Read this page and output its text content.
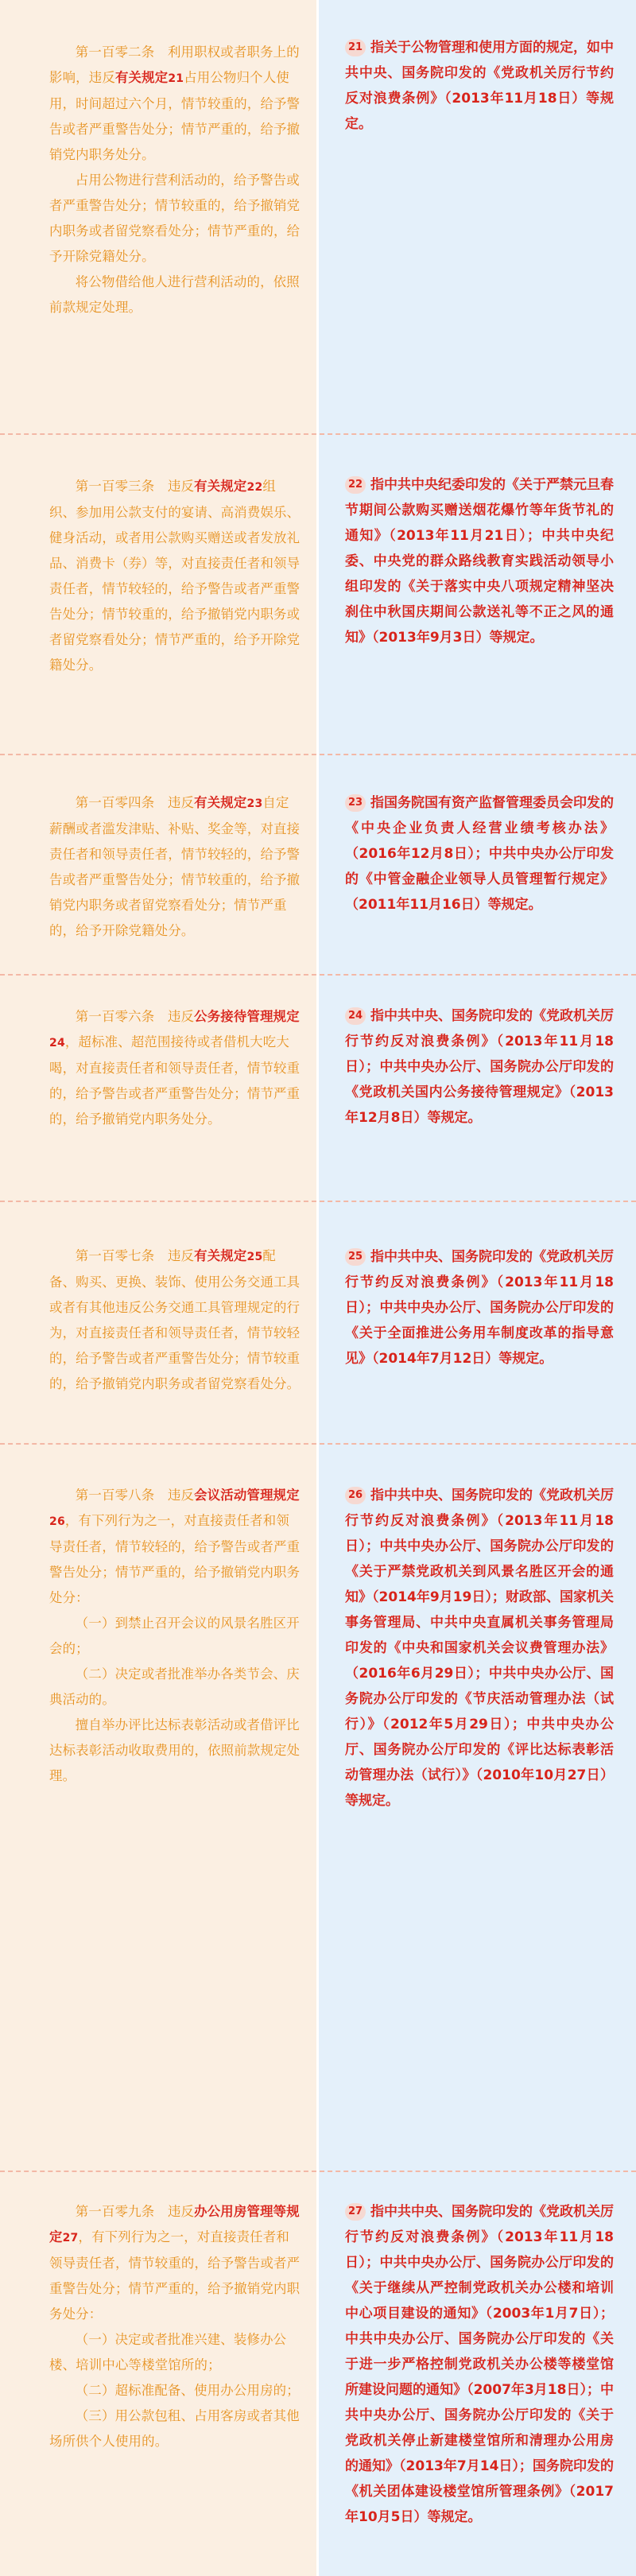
第一百零二条　 利用职权或者职务上的影响，违反有关规定21占用公物归个人使用，时间超过六个月，情节较重的，给予警告或者严重警告处分；情节严重的，给予撤销党内职务处分。

占用公物进行营利活动的，给予警告或者严重警告处分；情节较重的，给予撤销党内职务或者留党察看处分；情节严重的，给予开除党籍处分。

将公物借给他人进行营利活动的，依照前款规定处理。

21 指关于公物管理和使用方面的规定，如中共中央、国务院印发的《党政机关厉行节约反对浪费条例》（2013年11月18日）等规定。

第一百零三条　 违反有关规定22组织、参加用公款支付的宴请、高消费娱乐、健身活动，或者用公款购买赠送或者发放礼品、消费卡（券）等，对直接责任者和领导责任者，情节较轻的，给予警告或者严重警告处分；情节较重的，给予撤销党内职务或者留党察看处分；情节严重的，给予开除党籍处分。

22 指中共中央纪委印发的《关于严禁元旦春节期间公款购买赠送烟花爆竹等年货节礼的通知》（2013年11月21日）；中共中央纪委、中央党的群众路线教育实践活动领导小组印发的《关于落实中央八项规定精神坚决刹住中秋国庆期间公款送礼等不正之风的通知》（2013年9月3日）等规定。

第一百零四条　 违反有关规定23自定薪酬或者滥发津贴、补贴、奖金等，对直接责任者和领导责任者，情节较轻的，给予警告或者严重警告处分；情节较重的，给予撤销党内职务或者留党察看处分；情节严重的，给予开除党籍处分。

23 指国务院国有资产监督管理委员会印发的《中央企业负责人经营业绩考核办法》（2016年12月8日）；中共中央办公厅印发的《中管金融企业领导人员管理暂行规定》（2011年11月16日）等规定。

第一百零六条　 违反公务接待管理规定24，超标准、超范围接待或者借机大吃大喝，对直接责任者和领导责任者，情节较重的，给予警告或者严重警告处分；情节严重的，给予撤销党内职务处分。

24 指中共中央、国务院印发的《党政机关厉行节约反对浪费条例》（2013年11月18日）；中共中央办公厅、国务院办公厅印发的《党政机关国内公务接待管理规定》（2013年12月8日）等规定。

第一百零七条　 违反有关规定25配备、购买、更换、装饰、使用公务交通工具或者有其他违反公务交通工具管理规定的行为，对直接责任者和领导责任者，情节较轻的，给予警告或者严重警告处分；情节较重的，给予撤销党内职务或者留党察看处分。

25 指中共中央、国务院印发的《党政机关厉行节约反对浪费条例》（2013年11月18日）；中共中央办公厅、国务院办公厅印发的《关于全面推进公务用车制度改革的指导意见》（2014年7月12日）等规定。

第一百零八条　 违反会议活动管理规定26，有下列行为之一，对直接责任者和领导责任者，情节较轻的，给予警告或者严重警告处分；情节严重的，给予撤销党内职务处分：

（一）到禁止召开会议的风景名胜区开会的；

（二）决定或者批准举办各类节会、庆典活动的。

擅自举办评比达标表彰活动或者借评比达标表彰活动收取费用的，依照前款规定处理。

26 指中共中央、国务院印发的《党政机关厉行节约反对浪费条例》（2013年11月18日）；中共中央办公厅、国务院办公厅印发的《关于严禁党政机关到风景名胜区开会的通知》（2014年9月19日）；财政部、国家机关事务管理局、中共中央直属机关事务管理局印发的《中央和国家机关会议费管理办法》（2016年6月29日）；中共中央办公厅、国务院办公厅印发的《节庆活动管理办法（试行）》（2012年5月29日）；中共中央办公厅、国务院办公厅印发的《评比达标表彰活动管理办法（试行）》（2010年10月27日）等规定。

第一百零九条　 违反办公用房管理等规定27，有下列行为之一，对直接责任者和领导责任者，情节较重的，给予警告或者严重警告处分；情节严重的，给予撤销党内职务处分：

（一）决定或者批准兴建、装修办公楼、培训中心等楼堂馆所的；

（二）超标准配备、使用办公用房的；

（三）用公款包租、占用客房或者其他场所供个人使用的。

27 指中共中央、国务院印发的《党政机关厉行节约反对浪费条例》（2013年11月18日）；中共中央办公厅、国务院办公厅印发的《关于继续从严控制党政机关办公楼和培训中心项目建设的通知》（2003年1月7日）；中共中央办公厅、国务院办公厅印发的《关于进一步严格控制党政机关办公楼等楼堂馆所建设问题的通知》（2007年3月18日）；中共中央办公厅、国务院办公厅印发的《关于党政机关停止新建楼堂馆所和清理办公用房的通知》（2013年7月14日）；国务院印发的《机关团体建设楼堂馆所管理条例》（2017年10月5日）等规定。
